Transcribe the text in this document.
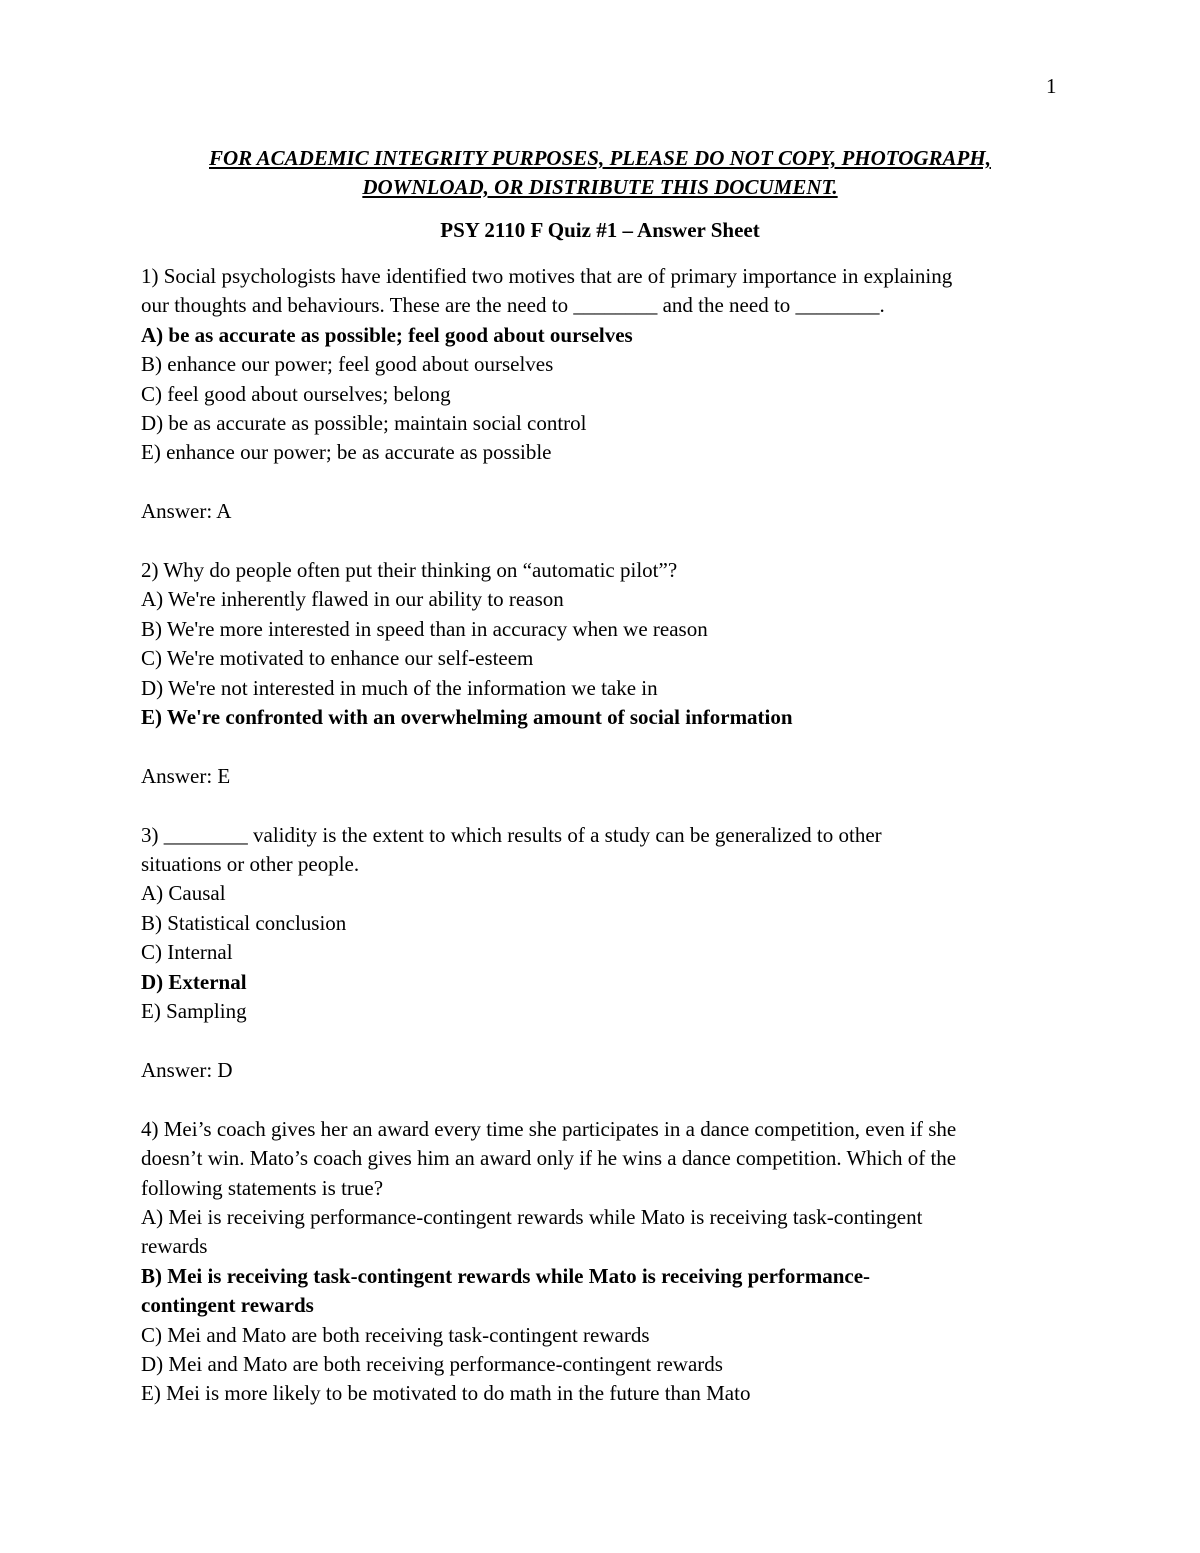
1
FOR ACADEMIC INTEGRITY PURPOSES, PLEASE DO NOT COPY, PHOTOGRAPH,
DOWNLOAD, OR DISTRIBUTE THIS DOCUMENT.
PSY 2110 F Quiz #1 – Answer Sheet

1) Social psychologists have identified two motives that are of primary importance in explaining

our thoughts and behaviours. These are the need to ________ and the need to ________.

A) be as accurate as possible; feel good about ourselves

B) enhance our power; feel good about ourselves

C) feel good about ourselves; belong

D) be as accurate as possible; maintain social control

E) enhance our power; be as accurate as possible

Answer: A

2) Why do people often put their thinking on “automatic pilot”?

A) We're inherently flawed in our ability to reason

B) We're more interested in speed than in accuracy when we reason

C) We're motivated to enhance our self-esteem

D) We're not interested in much of the information we take in

E) We're confronted with an overwhelming amount of social information

Answer: E

3) ________ validity is the extent to which results of a study can be generalized to other

situations or other people.

A) Causal

B) Statistical conclusion

C) Internal

D) External

E) Sampling

Answer: D

4) Mei’s coach gives her an award every time she participates in a dance competition, even if she

doesn’t win. Mato’s coach gives him an award only if he wins a dance competition. Which of the

following statements is true?

A) Mei is receiving performance-contingent rewards while Mato is receiving task-contingent

rewards

B) Mei is receiving task-contingent rewards while Mato is receiving performance-

contingent rewards

C) Mei and Mato are both receiving task-contingent rewards

D) Mei and Mato are both receiving performance-contingent rewards

E) Mei is more likely to be motivated to do math in the future than Mato
